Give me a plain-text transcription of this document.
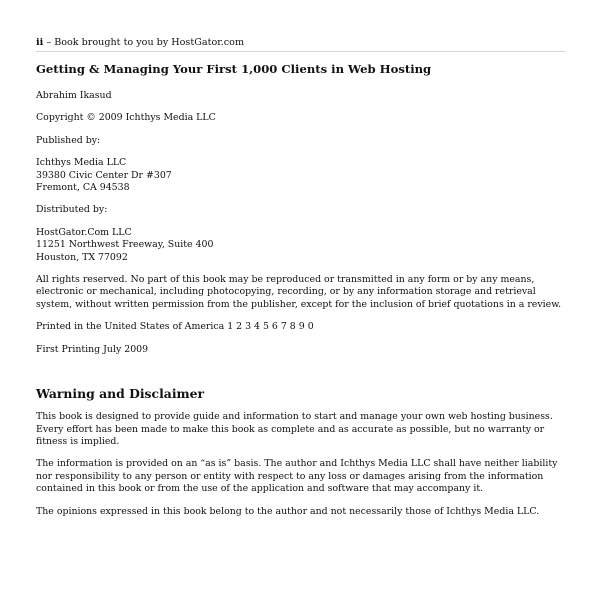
ii – Book brought to you by HostGator.com

Getting & Managing Your First 1,000 Clients in Web Hosting

Abrahim Ikasud

Copyright © 2009 Ichthys Media LLC

Published by:

Ichthys Media LLC

39380 Civic Center Dr #307

Fremont, CA 94538

Distributed by:

HostGator.Com LLC

11251 Northwest Freeway, Suite 400

Houston, TX 77092

All rights reserved. No part of this book may be reproduced or transmitted in any form or by any means, electronic or mechanical, including photocopying, recording, or by any information storage and retrieval system, without written permission from the publisher, except for the inclusion of brief quotations in a review.

Printed in the United States of America 1 2 3 4 5 6 7 8 9 0

First Printing July 2009

Warning and Disclaimer

This book is designed to provide guide and information to start and manage your own web hosting business. Every effort has been made to make this book as complete and as accurate as possible, but no warranty or fitness is implied.

The information is provided on an “as is” basis. The author and Ichthys Media LLC shall have neither liability nor responsibility to any person or entity with respect to any loss or damages arising from the information contained in this book or from the use of the application and software that may accompany it.

The opinions expressed in this book belong to the author and not necessarily those of Ichthys Media LLC.
